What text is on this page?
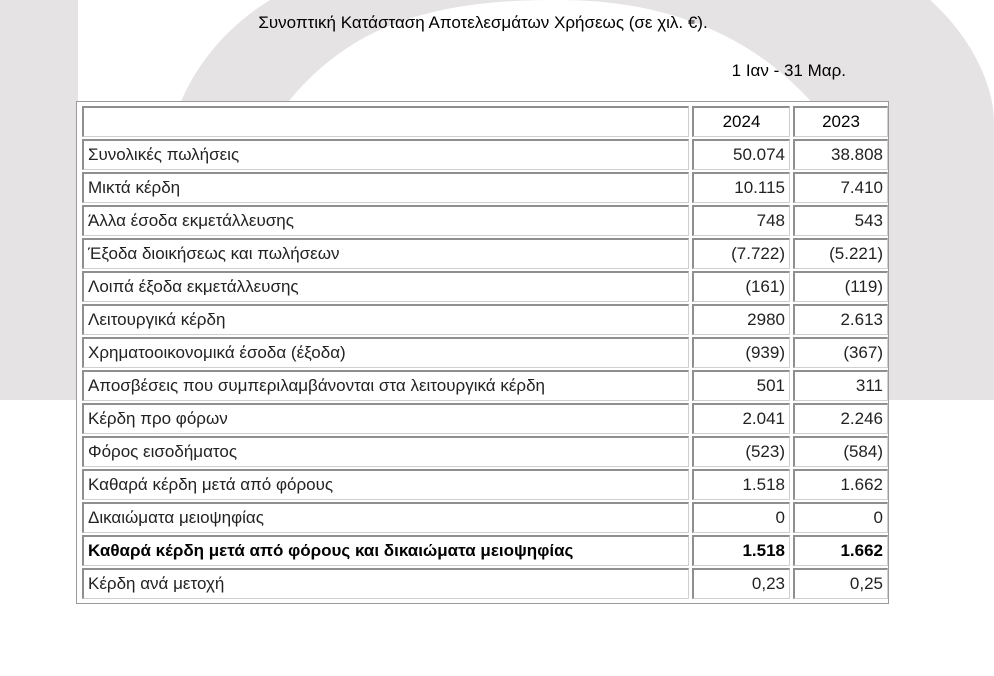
Συνοπτική Κατάσταση Αποτελεσμάτων Χρήσεως (σε χιλ. €).
1 Ιαν - 31 Μαρ.
	2024	2023
Συνολικές πωλήσεις	50.074	38.808
Μικτά κέρδη	10.115	7.410
Άλλα έσοδα εκμετάλλευσης	748	543
Έξοδα διοικήσεως και πωλήσεων	(7.722)	(5.221)
Λοιπά έξοδα εκμετάλλευσης	(161)	(119)
Λειτουργικά κέρδη	2980	2.613
Χρηματοοικονομικά έσοδα (έξοδα)	(939)	(367)
Αποσβέσεις που συμπεριλαμβάνονται στα λειτουργικά κέρδη	501	311
Κέρδη προ φόρων	2.041	2.246
Φόρος εισοδήματος	(523)	(584)
Καθαρά κέρδη μετά από φόρους	1.518	1.662
Δικαιώματα μειοψηφίας	0	0
Καθαρά κέρδη μετά από φόρους και δικαιώματα μειοψηφίας	1.518	1.662
Κέρδη ανά μετοχή	0,23	0,25
